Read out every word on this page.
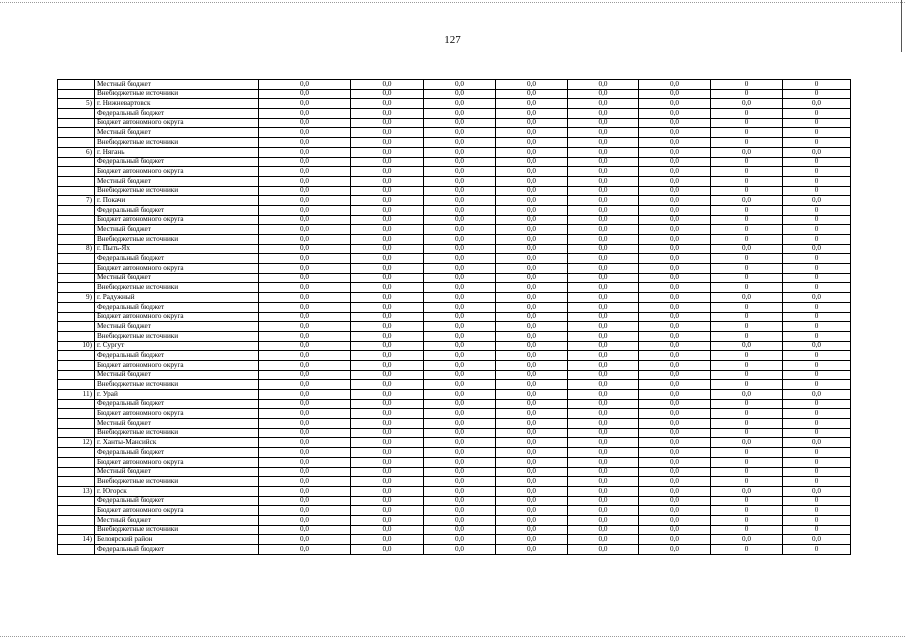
127
	Местный бюджет	0,0	0,0	0,0	0,0	0,0	0,0	0	0
	Внебюджетные источники	0,0	0,0	0,0	0,0	0,0	0,0	0	0
5)	г. Нижневартовск	0,0	0,0	0,0	0,0	0,0	0,0	0,0	0,0
	Федеральный бюджет	0,0	0,0	0,0	0,0	0,0	0,0	0	0
	Бюджет автономного округа	0,0	0,0	0,0	0,0	0,0	0,0	0	0
	Местный бюджет	0,0	0,0	0,0	0,0	0,0	0,0	0	0
	Внебюджетные источники	0,0	0,0	0,0	0,0	0,0	0,0	0	0
6)	г. Нягань	0,0	0,0	0,0	0,0	0,0	0,0	0,0	0,0
	Федеральный бюджет	0,0	0,0	0,0	0,0	0,0	0,0	0	0
	Бюджет автономного округа	0,0	0,0	0,0	0,0	0,0	0,0	0	0
	Местный бюджет	0,0	0,0	0,0	0,0	0,0	0,0	0	0
	Внебюджетные источники	0,0	0,0	0,0	0,0	0,0	0,0	0	0
7)	г. Покачи	0,0	0,0	0,0	0,0	0,0	0,0	0,0	0,0
	Федеральный бюджет	0,0	0,0	0,0	0,0	0,0	0,0	0	0
	Бюджет автономного округа	0,0	0,0	0,0	0,0	0,0	0,0	0	0
	Местный бюджет	0,0	0,0	0,0	0,0	0,0	0,0	0	0
	Внебюджетные источники	0,0	0,0	0,0	0,0	0,0	0,0	0	0
8)	г. Пыть-Ях	0,0	0,0	0,0	0,0	0,0	0,0	0,0	0,0
	Федеральный бюджет	0,0	0,0	0,0	0,0	0,0	0,0	0	0
	Бюджет автономного округа	0,0	0,0	0,0	0,0	0,0	0,0	0	0
	Местный бюджет	0,0	0,0	0,0	0,0	0,0	0,0	0	0
	Внебюджетные источники	0,0	0,0	0,0	0,0	0,0	0,0	0	0
9)	г. Радужный	0,0	0,0	0,0	0,0	0,0	0,0	0,0	0,0
	Федеральный бюджет	0,0	0,0	0,0	0,0	0,0	0,0	0	0
	Бюджет автономного округа	0,0	0,0	0,0	0,0	0,0	0,0	0	0
	Местный бюджет	0,0	0,0	0,0	0,0	0,0	0,0	0	0
	Внебюджетные источники	0,0	0,0	0,0	0,0	0,0	0,0	0	0
10)	г. Сургут	0,0	0,0	0,0	0,0	0,0	0,0	0,0	0,0
	Федеральный бюджет	0,0	0,0	0,0	0,0	0,0	0,0	0	0
	Бюджет автономного округа	0,0	0,0	0,0	0,0	0,0	0,0	0	0
	Местный бюджет	0,0	0,0	0,0	0,0	0,0	0,0	0	0
	Внебюджетные источники	0,0	0,0	0,0	0,0	0,0	0,0	0	0
11)	г. Урай	0,0	0,0	0,0	0,0	0,0	0,0	0,0	0,0
	Федеральный бюджет	0,0	0,0	0,0	0,0	0,0	0,0	0	0
	Бюджет автономного округа	0,0	0,0	0,0	0,0	0,0	0,0	0	0
	Местный бюджет	0,0	0,0	0,0	0,0	0,0	0,0	0	0
	Внебюджетные источники	0,0	0,0	0,0	0,0	0,0	0,0	0	0
12)	г. Ханты-Мансийск	0,0	0,0	0,0	0,0	0,0	0,0	0,0	0,0
	Федеральный бюджет	0,0	0,0	0,0	0,0	0,0	0,0	0	0
	Бюджет автономного округа	0,0	0,0	0,0	0,0	0,0	0,0	0	0
	Местный бюджет	0,0	0,0	0,0	0,0	0,0	0,0	0	0
	Внебюджетные источники	0,0	0,0	0,0	0,0	0,0	0,0	0	0
13)	г. Югорск	0,0	0,0	0,0	0,0	0,0	0,0	0,0	0,0
	Федеральный бюджет	0,0	0,0	0,0	0,0	0,0	0,0	0	0
	Бюджет автономного округа	0,0	0,0	0,0	0,0	0,0	0,0	0	0
	Местный бюджет	0,0	0,0	0,0	0,0	0,0	0,0	0	0
	Внебюджетные источники	0,0	0,0	0,0	0,0	0,0	0,0	0	0
14)	Белоярский район	0,0	0,0	0,0	0,0	0,0	0,0	0,0	0,0
	Федеральный бюджет	0,0	0,0	0,0	0,0	0,0	0,0	0	0
